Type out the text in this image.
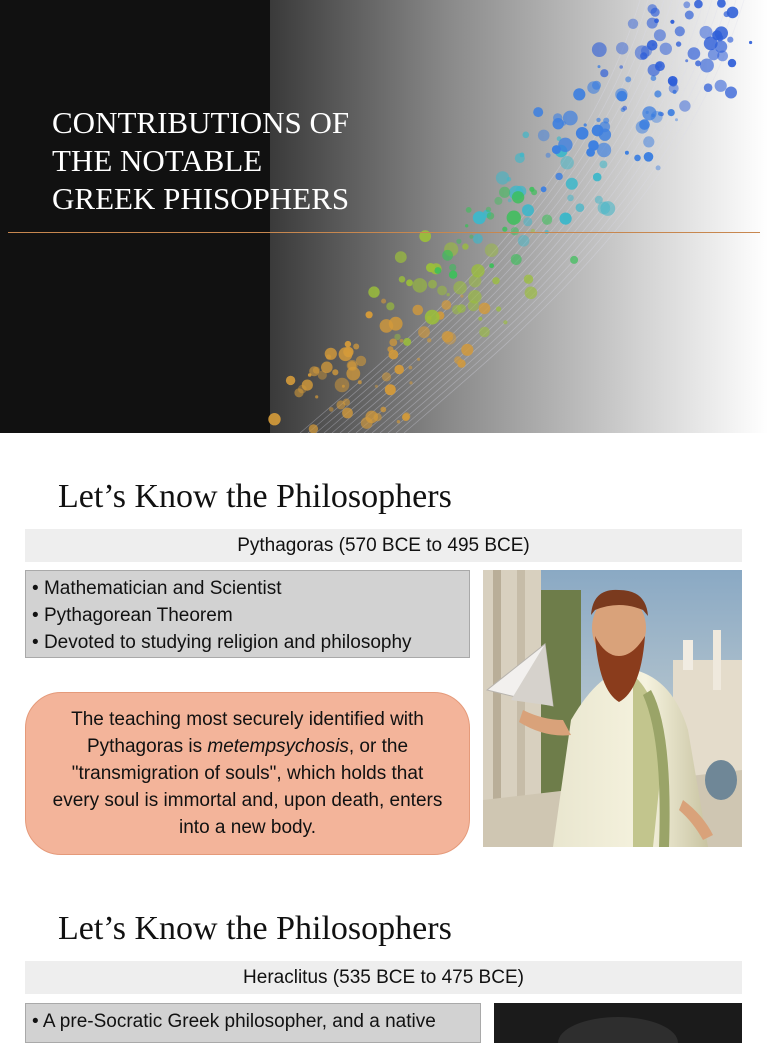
CONTRIBUTIONS OF
THE NOTABLE
GREEK PHISOPHERS
Let’s Know the Philosophers
Pythagoras (570 BCE to 495 BCE)
• Mathematician and Scientist
• Pythagorean Theorem
• Devoted to studying religion and philosophy

The teaching most securely identified with Pythagoras is metempsychosis, or the "transmigration of souls", which holds that every soul is immortal and, upon death, enters into a new body.

Let’s Know the Philosophers
Heraclitus (535 BCE to 475 BCE)
• A pre-Socratic Greek philosopher, and a native
